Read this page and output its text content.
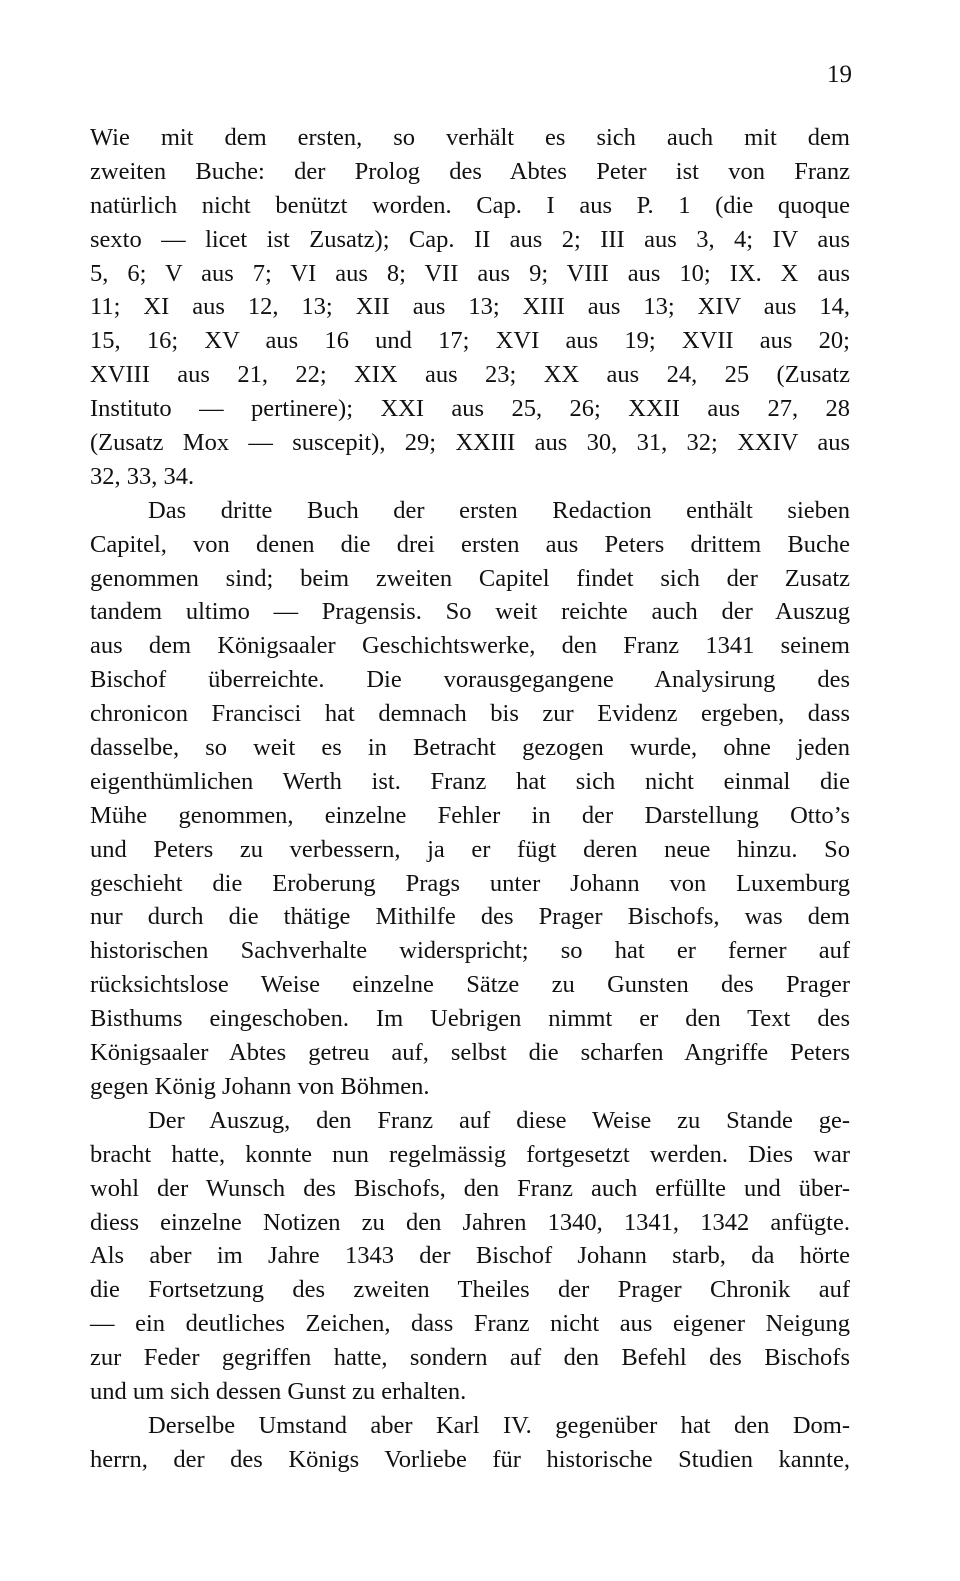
19
Wie mit dem ersten, so verhält es sich auch mit dem
zweiten Buche: der Prolog des Abtes Peter ist von Franz
natürlich nicht benützt worden. Cap. I aus P. 1 (die quoque
sexto — licet ist Zusatz); Cap. II aus 2; III aus 3, 4; IV aus
5, 6; V aus 7; VI aus 8; VII aus 9; VIII aus 10; IX. X aus
11; XI aus 12, 13; XII aus 13; XIII aus 13; XIV aus 14,
15, 16; XV aus 16 und 17; XVI aus 19; XVII aus 20;
XVIII aus 21, 22; XIX aus 23; XX aus 24, 25 (Zusatz
Instituto — pertinere); XXI aus 25, 26; XXII aus 27, 28
(Zusatz Mox — suscepit), 29; XXIII aus 30, 31, 32; XXIV aus
32, 33, 34.
Das dritte Buch der ersten Redaction enthält sieben
Capitel, von denen die drei ersten aus Peters drittem Buche
genommen sind; beim zweiten Capitel findet sich der Zusatz
tandem ultimo — Pragensis. So weit reichte auch der Auszug
aus dem Königsaaler Geschichtswerke, den Franz 1341 seinem
Bischof überreichte. Die vorausgegangene Analysirung des
chronicon Francisci hat demnach bis zur Evidenz ergeben, dass
dasselbe, so weit es in Betracht gezogen wurde, ohne jeden
eigenthümlichen Werth ist. Franz hat sich nicht einmal die
Mühe genommen, einzelne Fehler in der Darstellung Otto’s
und Peters zu verbessern, ja er fügt deren neue hinzu. So
geschieht die Eroberung Prags unter Johann von Luxemburg
nur durch die thätige Mithilfe des Prager Bischofs, was dem
historischen Sachverhalte widerspricht; so hat er ferner auf
rücksichtslose Weise einzelne Sätze zu Gunsten des Prager
Bisthums eingeschoben. Im Uebrigen nimmt er den Text des
Königsaaler Abtes getreu auf, selbst die scharfen Angriffe Peters
gegen König Johann von Böhmen.
Der Auszug, den Franz auf diese Weise zu Stande ge-
bracht hatte, konnte nun regelmässig fortgesetzt werden. Dies war
wohl der Wunsch des Bischofs, den Franz auch erfüllte und über-
diess einzelne Notizen zu den Jahren 1340, 1341, 1342 anfügte.
Als aber im Jahre 1343 der Bischof Johann starb, da hörte
die Fortsetzung des zweiten Theiles der Prager Chronik auf
— ein deutliches Zeichen, dass Franz nicht aus eigener Neigung
zur Feder gegriffen hatte, sondern auf den Befehl des Bischofs
und um sich dessen Gunst zu erhalten.
Derselbe Umstand aber Karl IV. gegenüber hat den Dom-
herrn, der des Königs Vorliebe für historische Studien kannte,
